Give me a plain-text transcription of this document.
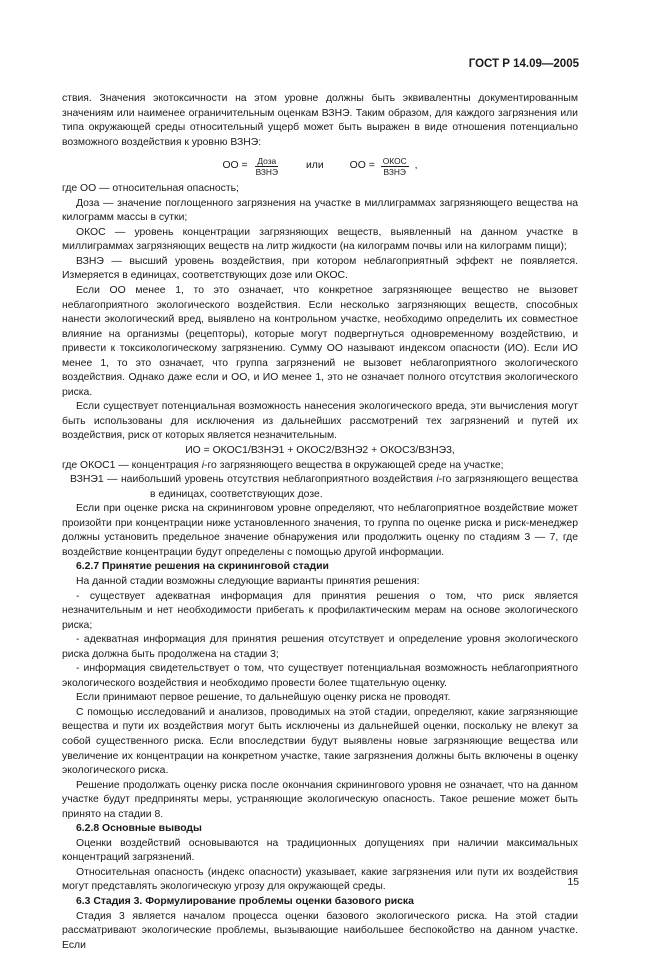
ГОСТ Р 14.09—2005

ствия. Значения экотоксичности на этом уровне должны быть эквивалентны документированным значениям или наименее ограничительным оценкам ВЗНЭ. Таким образом, для каждого загрязнения или типа окружающей среды относительный ущерб может быть выражен в виде отношения потенциально возможного воздействия к уровню ВЗНЭ:

ОО = $\frac{\text{Доза}}{\text{ВЗНЭ}}$	или	ОО = $\frac{\text{ОКОС}}{\text{ВЗНЭ}}$ ,

где ОО — относительная опасность;

Доза — значение поглощенного загрязнения на участке в миллиграммах загрязняющего вещества на килограмм массы в сутки;

ОКОС — уровень концентрации загрязняющих веществ, выявленный на данном участке в миллиграммах загрязняющих веществ на литр жидкости (на килограмм почвы или на килограмм пищи);

ВЗНЭ — высший уровень воздействия, при котором неблагоприятный эффект не появляется. Измеряется в единицах, соответствующих дозе или ОКОС.

Если ОО менее 1, то это означает, что конкретное загрязняющее вещество не вызовет неблагоприятного экологического воздействия. Если несколько загрязняющих веществ, способных нанести экологический вред, выявлено на контрольном участке, необходимо определить их совместное влияние на организмы (рецепторы), которые могут подвергнуться одновременному воздействию, и привести к токсикологическому загрязнению. Сумму ОО называют индексом опасности (ИО). Если ИО менее 1, то это означает, что группа загрязнений не вызовет неблагоприятного экологического воздействия. Однако даже если и ОО, и ИО менее 1, это не означает полного отсутствия экологического риска.

Если существует потенциальная возможность нанесения экологического вреда, эти вычисления могут быть использованы для исключения из дальнейших рассмотрений тех загрязнений и путей их воздействия, риск от которых является незначительным.

ИО = ОКОС1/ВЗНЭ1 + ОКОС2/ВЗНЭ2 + ОКОС3/ВЗНЭ3,

где ОКОС1 — концентрация i-го загрязняющего вещества в окружающей среде на участке;

ВЗНЭ1 — наибольший уровень отсутствия неблагоприятного воздействия i-го загрязняющего вещества в единицах, соответствующих дозе.

Если при оценке риска на скрининговом уровне определяют, что неблагоприятное воздействие может произойти при концентрации ниже установленного значения, то группа по оценке риска и риск-менеджер должны установить предельное значение обнаружения или продолжить оценку по стадиям 3 — 7, где воздействие концентрации будут определены с помощью другой информации.

6.2.7 Принятие решения на скрининговой стадии

На данной стадии возможны следующие варианты принятия решения:

- существует адекватная информация для принятия решения о том, что риск является незначительным и нет необходимости прибегать к профилактическим мерам на основе экологического риска;

- адекватная информация для принятия решения отсутствует и определение уровня экологического риска должна быть продолжена на стадии 3;

- информация свидетельствует о том, что существует потенциальная возможность неблагоприятного экологического воздействия и необходимо провести более тщательную оценку.

Если принимают первое решение, то дальнейшую оценку риска не проводят.

С помощью исследований и анализов, проводимых на этой стадии, определяют, какие загрязняющие вещества и пути их воздействия могут быть исключены из дальнейшей оценки, поскольку не влекут за собой существенного риска. Если впоследствии будут выявлены новые загрязняющие вещества или увеличение их концентрации на конкретном участке, такие загрязнения должны быть включены в оценку экологического риска.

Решение продолжать оценку риска после окончания скринингового уровня не означает, что на данном участке будут предприняты меры, устраняющие экологическую опасность. Такое решение может быть принято на стадии 8.

6.2.8 Основные выводы

Оценки воздействий основываются на традиционных допущениях при наличии максимальных концентраций загрязнений.

Относительная опасность (индекс опасности) указывает, какие загрязнения или пути их воздействия могут представлять экологическую угрозу для окружающей среды.

6.3 Стадия 3. Формулирование проблемы оценки базового риска

Стадия 3 является началом процесса оценки базового экологического риска. На этой стадии рассматривают экологические проблемы, вызывающие наибольшее беспокойство на данном участке. Если

15
